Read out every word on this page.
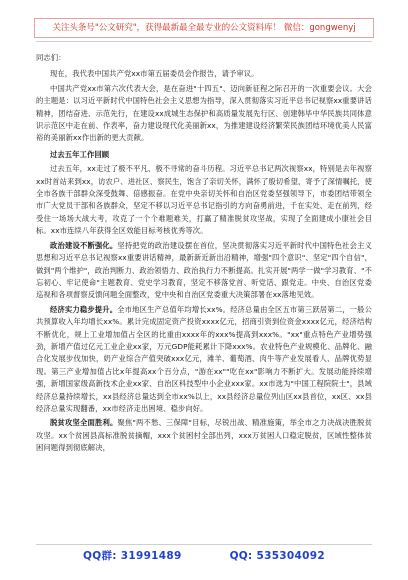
关注头条号"公文研究"，获得最新最全最专业的公文资料库！ 微信：gongwenyj
同志们：

现在，我代表中国共产党xx市第五届委员会作报告，请予审议。

中国共产党xx市第六次代表大会，是在奋进"十四五"、迈向新征程之际召开的一次重要会议。大会的主题是：以习近平新时代中国特色社会主义思想为指导，深入贯彻落实习近平总书记视察xx重要讲话精神，团结奋进、示范先行，在建设xx成城生态保护和高质量发展先行区、创建韩毕中华民族共同体意识示范区中走在前、作表率，奋力建设现代化美丽新xx，为推建建设经济繁荣民族团结环境优美人民富裕的美丽新xx作出新的更大贡献。

过去五年工作回顾

过去五年，xx走过了极不平凡、极不寻常的奋斗历程。习近平总书记两次视察xx，特别是去年视察xx时首站来到xx，访农户、进社区、察民生，饱含了亲切关怀，满怀了殷切希望，寄予了深情嘱托，使全市各族干部群众深受鼓舞、倍感振奋。在党中央亲切关怀和自治区党委坚强领导下，市委团结带领全市广大党员干部和各族群众，坚定不移以习近平总书记指引的方向奋勇前进，千在实处、走在前列，经受住一场场大战大考，攻克了一个个难题难关，打赢了精准脱贫攻坚战，实现了全面建成小康社会目标。xx市连续八年获得全区效能目标考核优秀等次。

政治建设不断强化。坚持把党的政治建设摆在首位，坚决贯彻落实习近平新时代中国特色社会主义思想和习近平总书记视察xx重要讲话精神，最新新近新出沿精神，增强"四个意识"、坚定"四个自信"，做到"两个维护"，政治判断力、政治领悟力、政治执行力不断提高。扎实开展"两学一做"学习教育、"不忘初心、牢记使命"主题教育、党史学习教育，坚定不移落党首、听党话、跟党走。中央、自治区党委巡视和各项督察反馈问题全面整改，党中央和自治区党委重大决策部署在xx落地见效。

经济实力稳步提升。全市地区生产总值年均增长xx%。经济总量由全区五市第三跃居第二，一般公共预算收入年均增长xx%。累计完成固定资产投资xxxx亿元，招商引资到位资金xxxx亿元，经济结构不断优化，规上工业增加值占全区的比重由xxxx年的xxx%提高到xxx%。"xx"重点特色产业增势强劲，新增产值过亿元工业企业xx家，万元GDP能耗累计下降xxx%。农业特色产业规模化、品牌化、融合化发展步伐加快，奶产业综合产值突破xxx亿元，滩羊、葡萄酒、肉牛等产业发展看人、品牌优势显现。第三产业增加值占比x年提高xx个百分点，"游在xx""吃在xx"影响力不断扩大。发展动能持续增强，新增国家级高新技术企业xx家、自治区科技型中小企业xxx家。xx市选为"中国工程院院士"，县域经济总量持续增长，xx县经济总量达到全市xx%以上，xx县经济总量位列山区xx县首位，xx区、xx县经济总量实现翻番，xx市经济走出困境、稳步向好。

脱贫攻坚全面胜利。聚焦"两不愁、三保障"目标，尽锐出战、精准施策，举全市之力决战决胜脱贫攻坚。xx个贫困县高标准脱贫摘帽，xxx个贫困村全部出列，xxx万贫困人口稳定脱贫，区域性整体贫困问题得到彻底解决，

QQ群: 31991489	QQ: 535304092
